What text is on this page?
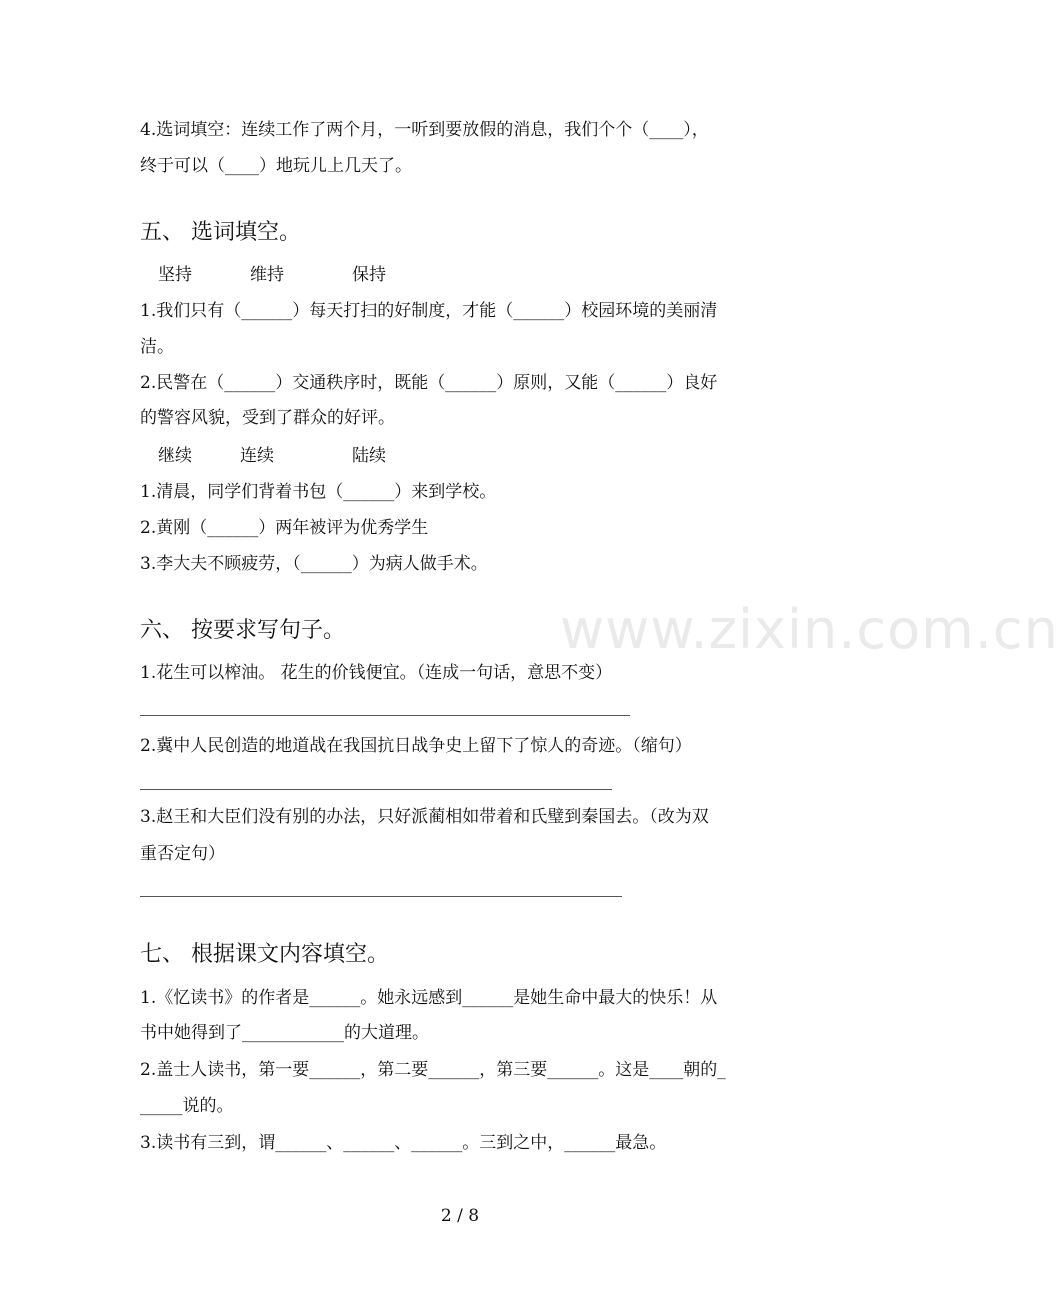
www.zixin.com.cn
4.选词填空：连续工作了两个月，一听到要放假的消息，我们个个（____），
终于可以（____）地玩儿上几天了。
五、 选词填空。
坚持	维持	保持
1.我们只有（______）每天打扫的好制度，才能（______）校园环境的美丽清
洁。
2.民警在（______）交通秩序时，既能（______）原则，又能（______）良好
的警容风貌，受到了群众的好评。
继续	连续	陆续
1.清晨，同学们背着书包（______）来到学校。
2.黄刚（______）两年被评为优秀学生
3.李大夫不顾疲劳，（______）为病人做手术。
六、 按要求写句子。
1.花生可以榨油。 花生的价钱便宜。（连成一句话，意思不变）
2.冀中人民创造的地道战在我国抗日战争史上留下了惊人的奇迹。（缩句）
3.赵王和大臣们没有别的办法，只好派蔺相如带着和氏璧到秦国去。（改为双
重否定句）
七、 根据课文内容填空。
1.《忆读书》的作者是______。她永远感到______是她生命中最大的快乐！从
书中她得到了____________的大道理。
2.盖士人读书，第一要______，第二要______，第三要______。这是____朝的_
_____说的。
3.读书有三到，谓______、______、______。三到之中，______最急。
2 / 8
